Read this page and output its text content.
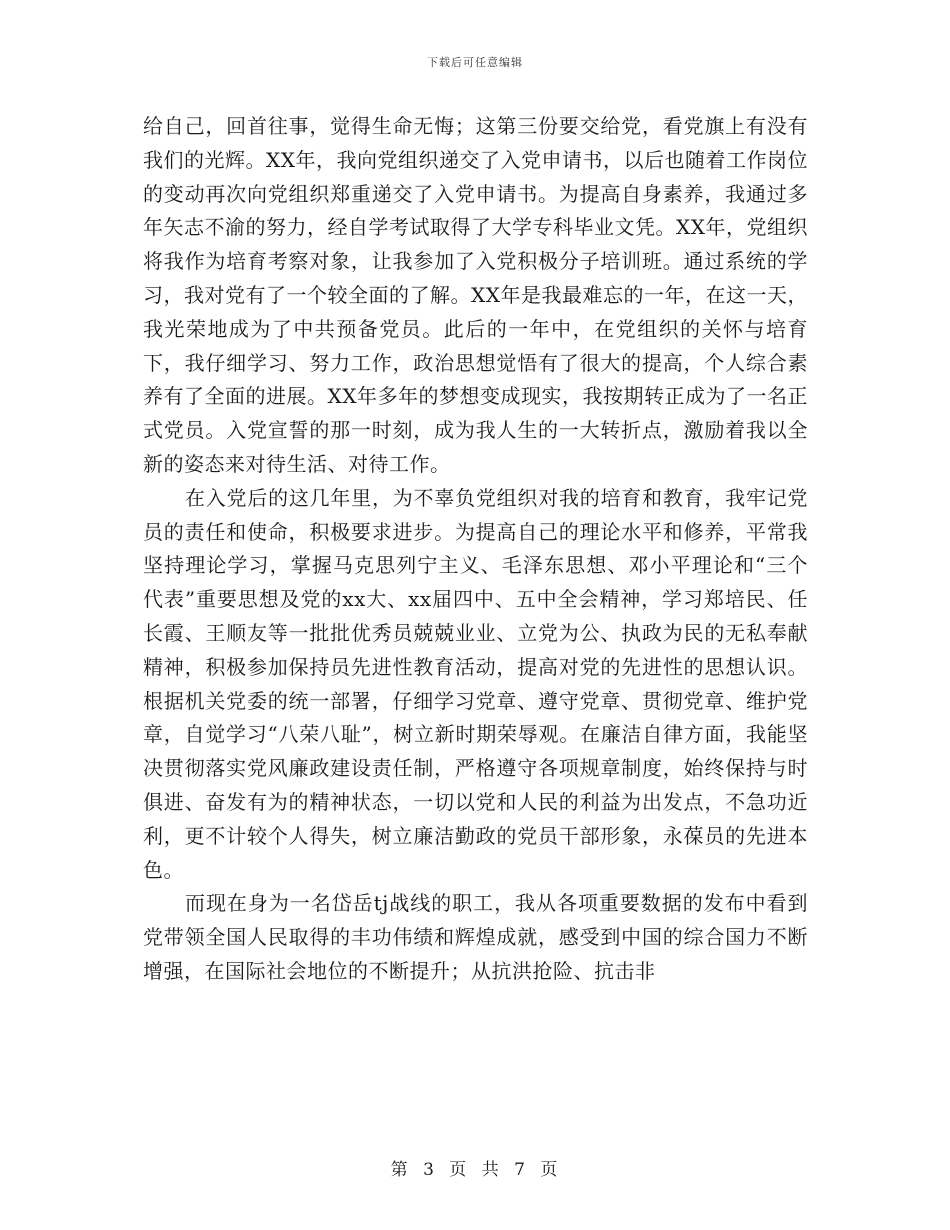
下载后可任意编辑

给自己，回首往事，觉得生命无悔；这第三份要交给党，看党旗上有没有我们的光辉。XX年，我向党组织递交了入党申请书，以后也随着工作岗位的变动再次向党组织郑重递交了入党申请书。为提高自身素养，我通过多年矢志不渝的努力，经自学考试取得了大学专科毕业文凭。XX年，党组织将我作为培育考察对象，让我参加了入党积极分子培训班。通过系统的学习，我对党有了一个较全面的了解。XX年是我最难忘的一年，在这一天，我光荣地成为了中共预备党员。此后的一年中，在党组织的关怀与培育下，我仔细学习、努力工作，政治思想觉悟有了很大的提高，个人综合素养有了全面的进展。XX年多年的梦想变成现实，我按期转正成为了一名正式党员。入党宣誓的那一时刻，成为我人生的一大转折点，激励着我以全新的姿态来对待生活、对待工作。

在入党后的这几年里，为不辜负党组织对我的培育和教育，我牢记党员的责任和使命，积极要求进步。为提高自己的理论水平和修养，平常我坚持理论学习，掌握马克思列宁主义、毛泽东思想、邓小平理论和“三个代表”重要思想及党的xx大、xx届四中、五中全会精神，学习郑培民、任长霞、王顺友等一批批优秀员兢兢业业、立党为公、执政为民的无私奉献精神，积极参加保持员先进性教育活动，提高对党的先进性的思想认识。根据机关党委的统一部署，仔细学习党章、遵守党章、贯彻党章、维护党章，自觉学习“八荣八耻”，树立新时期荣辱观。在廉洁自律方面，我能坚决贯彻落实党风廉政建设责任制，严格遵守各项规章制度，始终保持与时俱进、奋发有为的精神状态，一切以党和人民的利益为出发点，不急功近利，更不计较个人得失，树立廉洁勤政的党员干部形象，永葆员的先进本色。

而现在身为一名岱岳tj战线的职工，我从各项重要数据的发布中看到党带领全国人民取得的丰功伟绩和辉煌成就，感受到中国的综合国力不断增强，在国际社会地位的不断提升；从抗洪抢险、抗击非

第 3 页 共 7 页
